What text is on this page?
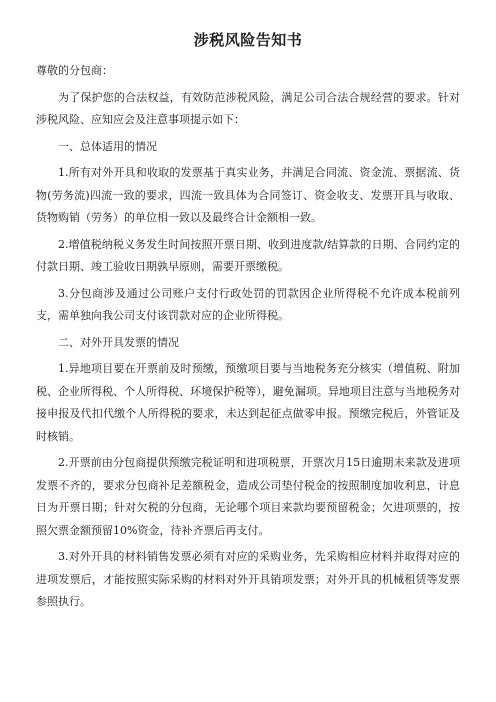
涉税风险告知书
尊敬的分包商：
为了保护您的合法权益，有效防范涉税风险，满足公司合法合规经营的要求。针对涉税风险、应知应会及注意事项提示如下：
一、总体适用的情况
1.所有对外开具和收取的发票基于真实业务，并满足合同流、资金流、票据流、货物(劳务流)四流一致的要求，四流一致具体为合同签订、资金收支、发票开具与收取、货物购销（劳务）的单位相一致以及最终合计金额相一致。
2.增值税纳税义务发生时间按照开票日期、收到进度款/结算款的日期、合同约定的付款日期、竣工验收日期孰早原则，需要开票缴税。
3.分包商涉及通过公司账户支付行政处罚的罚款因企业所得税不允许成本税前列支，需单独向我公司支付该罚款对应的企业所得税。
二、对外开具发票的情况
1.异地项目要在开票前及时预缴，预缴项目要与当地税务充分核实（增值税、附加税、企业所得税、个人所得税、环境保护税等），避免漏项。异地项目注意与当地税务对接申报及代扣代缴个人所得税的要求，未达到起征点做零申报。预缴完税后，外管证及时核销。
2.开票前由分包商提供预缴完税证明和进项税票，开票次月15日逾期未来款及进项发票不齐的，要求分包商补足差额税金，造成公司垫付税金的按照制度加收利息，计息日为开票日期；针对欠税的分包商，无论哪个项目来款均要预留税金；欠进项票的，按照欠票金额预留10%资金，待补齐票后再支付。
3.对外开具的材料销售发票必须有对应的采购业务，先采购相应材料并取得对应的进项发票后，才能按照实际采购的材料对外开具销项发票；对外开具的机械租赁等发票参照执行。
